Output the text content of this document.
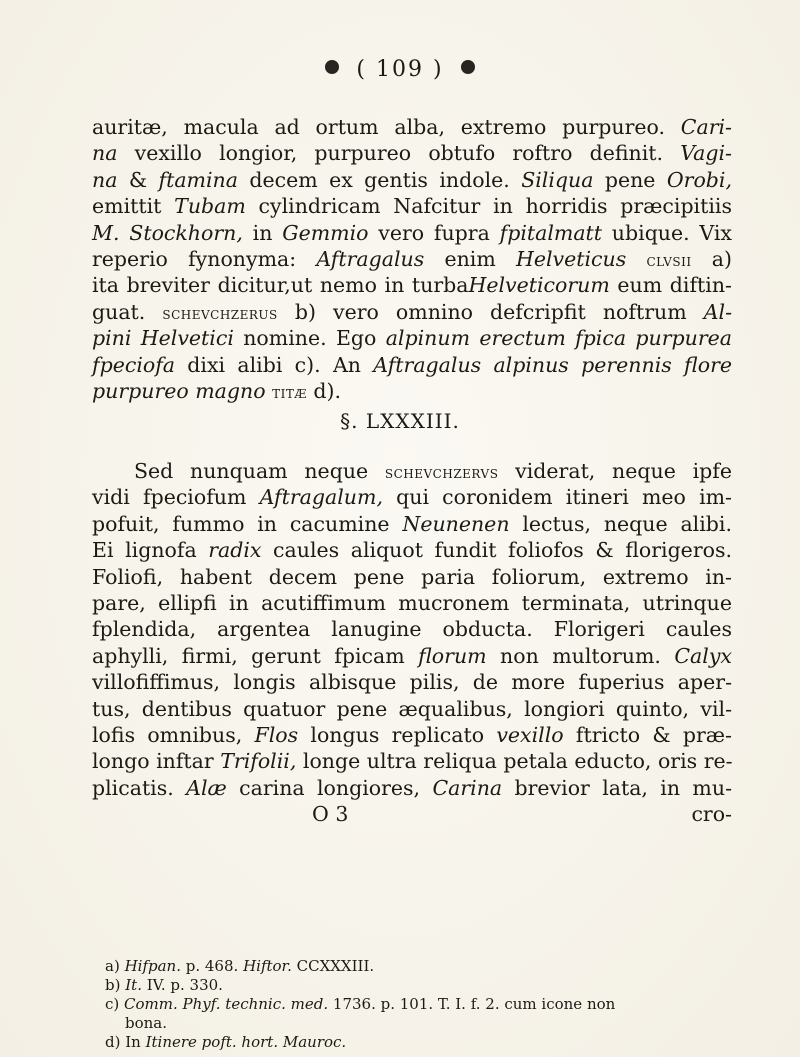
( 109 )
auritæ, macula ad ortum alba, extremo purpureo. Cari-
na vexillo longior, purpureo obtufo roftro definit. Vagi-
na & ftamina decem ex gentis indole. Siliqua pene Orobi,
emittit Tubam cylindricam Nafcitur in horridis præcipitiis
M. Stockhorn, in Gemmio vero fupra fpitalmatt ubique. Vix
reperio fynonyma: Aftragalus enim Helveticus clvsii a)
ita breviter dicitur,ut nemo in turbaHelveticorum eum diftin-
guat. schevchzerus b) vero omnino defcripfit noftrum Al-
pini Helvetici nomine. Ego alpinum erectum fpica purpurea
fpeciofa dixi alibi c). An Aftragalus alpinus perennis flore
purpureo magno titæ d).
§. LXXXIII.
Sed nunquam neque schevchzervs viderat, neque ipfe
vidi fpeciofum Aftragalum, qui coronidem itineri meo im-
pofuit, fummo in cacumine Neunenen lectus, neque alibi.
Ei lignofa radix caules aliquot fundit foliofos & florigeros.
Foliofi, habent decem pene paria foliorum, extremo in-
pare, ellipfi in acutiffimum mucronem terminata, utrinque
fplendida, argentea lanugine obducta. Florigeri caules
aphylli, firmi, gerunt fpicam florum non multorum. Calyx
villofiffimus, longis albisque pilis, de more fuperius aper-
tus, dentibus quatuor pene æqualibus, longiori quinto, vil-
lofis omnibus, Flos longus replicato vexillo ftricto & præ-
longo inftar Trifolii, longe ultra reliqua petala educto, oris re-
plicatis. Alæ carina longiores, Carina brevior lata, in mu-
O 3	cro-
a) Hifpan. p. 468. Hiftor. CCXXXIII.
b) It. IV. p. 330.
c) Comm. Phyf. technic. med. 1736. p. 101. T. I. f. 2. cum icone non
bona.
d) In Itinere poft. hort. Mauroc.
